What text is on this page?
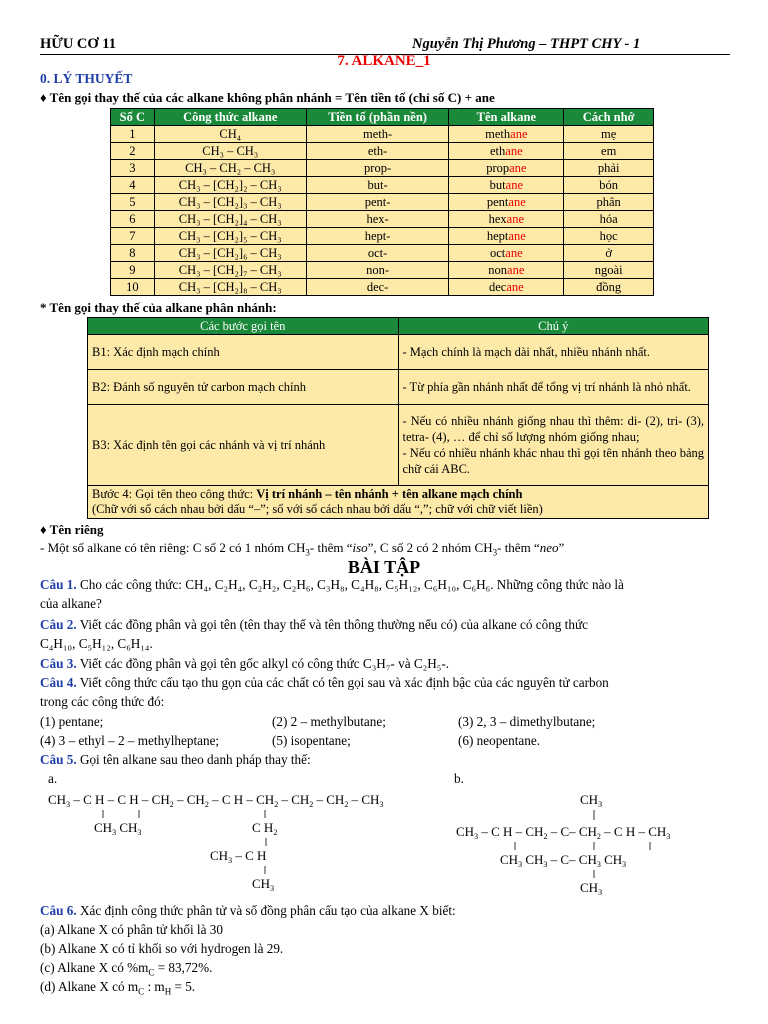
HỮU CƠ 11	Nguyễn Thị Phương – THPT CHY - 1
7. ALKANE_1
0. LÝ THUYẾT
♦ Tên gọi thay thế của các alkane không phân nhánh = Tên tiền tố (chỉ số C) + ane
Số C	Công thức alkane	Tiền tố (phần nền)	Tên alkane	Cách nhớ
1	CH₄	meth-	methane	mẹ
2	CH₃ – CH₃	eth-	ethane	em
3	CH₃ – CH₂ – CH₃	prop-	propane	phải
4	CH₃ – [CH₂]₂ – CH₃	but-	butane	bón
5	CH₃ – [CH₂]₃ – CH₃	pent-	pentane	phân
6	CH₃ – [CH₂]₄ – CH₃	hex-	hexane	hóa
7	CH₃ – [CH₂]₅ – CH₃	hept-	heptane	học
8	CH₃ – [CH₂]₆ – CH₃	oct-	octane	ở
9	CH₃ – [CH₂]₇ – CH₃	non-	nonane	ngoài
10	CH₃ – [CH₂]₈ – CH₃	dec-	decane	đồng
* Tên gọi thay thế của alkane phân nhánh:
Các bước gọi tên	Chú ý
B1: Xác định mạch chính	- Mạch chính là mạch dài nhất, nhiều nhánh nhất.
B2: Đánh số nguyên tử carbon mạch chính	- Từ phía gần nhánh nhất để tổng vị trí nhánh là nhỏ nhất.
B3: Xác định tên gọi các nhánh và vị trí nhánh	- Nếu có nhiều nhánh giống nhau thì thêm: di- (2), tri- (3), tetra- (4), … để chỉ số lượng nhóm giống nhau;
- Nếu có nhiều nhánh khác nhau thì gọi tên nhánh theo bảng chữ cái ABC.

Bước 4: Gọi tên theo công thức: Vị trí nhánh – tên nhánh + tên alkane mạch chính
(Chữ với số cách nhau bởi dấu “–”; số với số cách nhau bởi dấu “,”; chữ với chữ viết liền)	
♦ Tên riêng
- Một số alkane có tên riêng: C số 2 có 1 nhóm $CH_3-$ thêm “iso”, C số 2 có 2 nhóm $CH_3-$ thêm “neo”
BÀI TẬP
Câu 1. Cho các công thức: CH₄, C₂H₄, C₂H₂, C₂H₆, C₃H₈, C₄H₈, C₅H₁₂, C₆H₁₀, C₆H₆. Những công thức nào là
của alkane?
Câu 2. Viết các đồng phân và gọi tên (tên thay thế và tên thông thường nếu có) của alkane có công thức
C₄H₁₀, C₅H₁₂, C₆H₁₄.
Câu 3. Viết các đồng phân và gọi tên gốc alkyl có công thức C₃H₇- và C₂H₅-.
Câu 4. Viết công thức cấu tạo thu gọn của các chất có tên gọi sau và xác định bậc của các nguyên tử carbon
trong các công thức đó:
(1) pentane;	(2) 2 – methylbutane;	(3) 2, 3 – dimethylbutane;
(4) 3 – ethyl – 2 – methylheptane;	(5) isopentane;	(6) neopentane.
Câu 5. Gọi tên alkane sau theo danh pháp thay thế:
a.	b.
$CH_3$ – C H – C H – $CH_2 - CH_2$ – C H – $CH_2 - CH_2 - CH_2 - CH_3$
$CH_3$ $CH_3$	C $H_2$
$CH_3$ – C H
$CH_3$
$CH_3$
$CH_3$ – C H – $CH_2 - C-$ $CH_2$ – C H – $CH_3$
$CH_3$ $CH_3 - C-$ $CH_3$ $CH_3$
$CH_3$
Câu 6. Xác định công thức phân tử và số đồng phân cấu tạo của alkane X biết:
(a) Alkane X có phân tử khối là 30
(b) Alkane X có tỉ khối so với hydrogen là 29.
(c) Alkane X có $\%m_C = 83,72\%$.
(d) Alkane X có $m_C$ : $m_H = 5$.
